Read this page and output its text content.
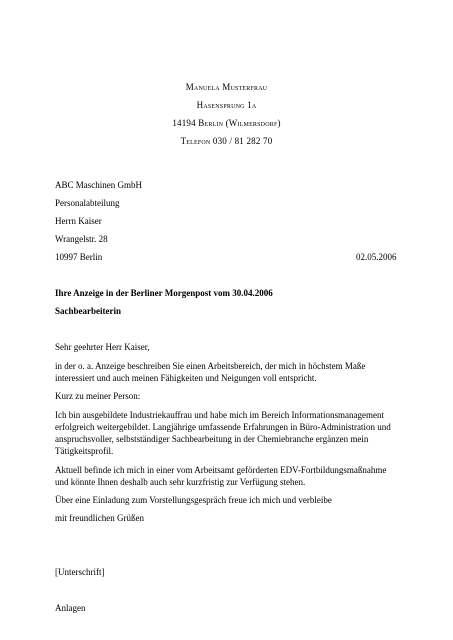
Manuela Musterfrau
Hasensprung 1a
14194 Berlin (Wilmersdorf)
Telefon 030 / 81 282 70
ABC Maschinen GmbH
Personalabteilung
Herrn Kaiser
Wrangelstr. 28
10997 Berlin	02.05.2006
Ihre Anzeige in der Berliner Morgenpost vom 30.04.2006
Sachbearbeiterin
Sehr geehrter Herr Kaiser,
in der o. a. Anzeige beschreiben Sie einen Arbeitsbereich, der mich in höchstem Maße
interessiert und auch meinen Fähigkeiten und Neigungen voll entspricht.
Kurz zu meiner Person:
Ich bin ausgebildete Industriekauffrau und habe mich im Bereich Informationsmanagement
erfolgreich weitergebildet. Langjährige umfassende Erfahrungen in Büro-Administration und
anspruchsvoller, selbstständiger Sachbearbeitung in der Chemiebranche ergänzen mein
Tätigkeitsprofil.
Aktuell befinde ich mich in einer vom Arbeitsamt geförderten EDV-Fortbildungsmaßnahme
und könnte Ihnen deshalb auch sehr kurzfristig zur Verfügung stehen.
Über eine Einladung zum Vorstellungsgespräch freue ich mich und verbleibe
mit freundlichen Grüßen
[Unterschrift]
Anlagen
